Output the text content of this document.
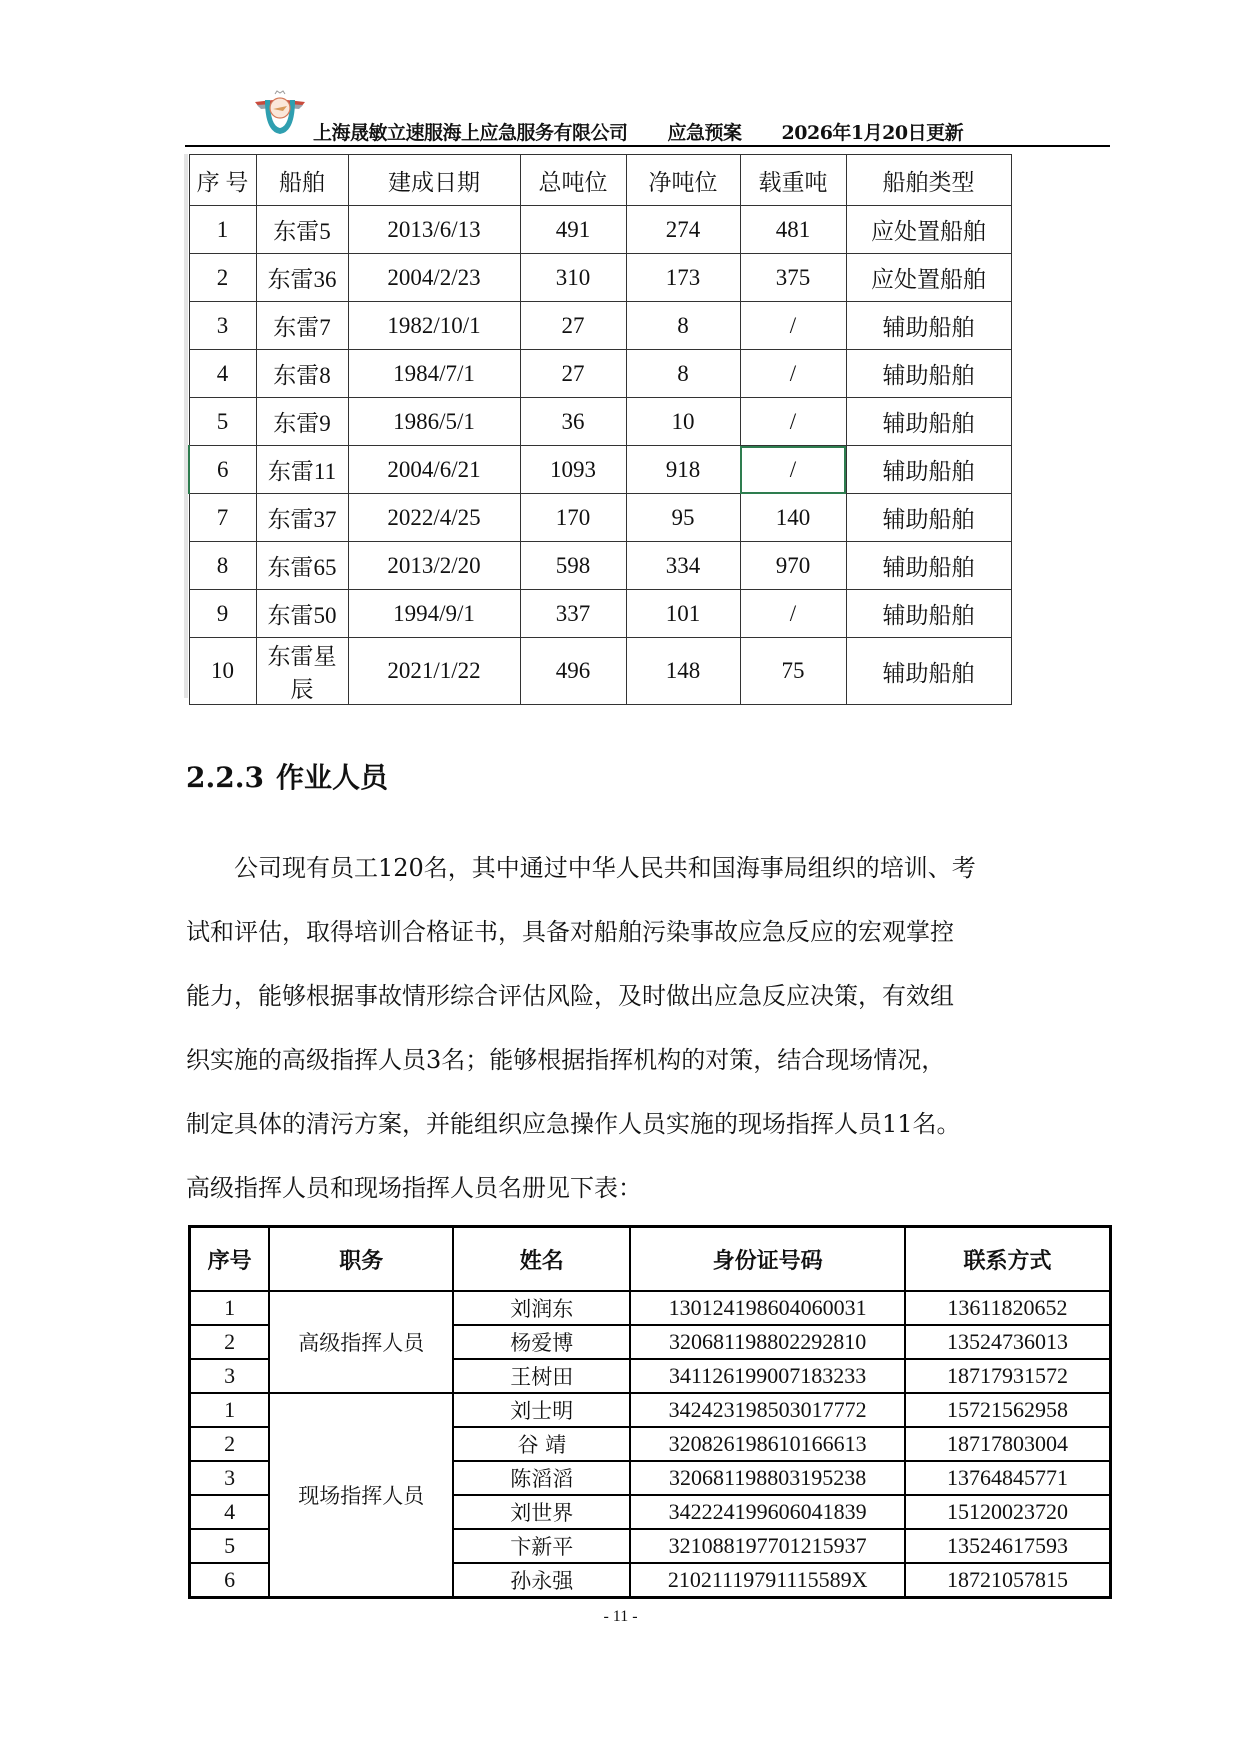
上海晟敏立速服海上应急服务有限公司 应急预案 2026年1月20日更新
序 号	船舶	建成日期	总吨位	净吨位	载重吨	船舶类型
1	东雷5	2013/6/13	491	274	481	应处置船舶
2	东雷36	2004/2/23	310	173	375	应处置船舶
3	东雷7	1982/10/1	27	8	/	辅助船舶
4	东雷8	1984/7/1	27	8	/	辅助船舶
5	东雷9	1986/5/1	36	10	/	辅助船舶
6	东雷11	2004/6/21	1093	918	/	辅助船舶
7	东雷37	2022/4/25	170	95	140	辅助船舶
8	东雷65	2013/2/20	598	334	970	辅助船舶
9	东雷50	1994/9/1	337	101	/	辅助船舶
10	东雷星辰	2021/1/22	496	148	75	辅助船舶
2.2.3 作业人员
公司现有员工120名，其中通过中华人民共和国海事局组织的培训、考
试和评估，取得培训合格证书，具备对船舶污染事故应急反应的宏观掌控
能力，能够根据事故情形综合评估风险，及时做出应急反应决策，有效组
织实施的高级指挥人员3名；能够根据指挥机构的对策，结合现场情况，
制定具体的清污方案，并能组织应急操作人员实施的现场指挥人员11名。
高级指挥人员和现场指挥人员名册见下表：
序号	职务	姓名	身份证号码	联系方式
1	高级指挥人员	刘润东	130124198604060031	13611820652
2		杨爱博	320681198802292810	13524736013
3		王树田	341126199007183233	18717931572
1	现场指挥人员	刘士明	342423198503017772	15721562958
2		谷 靖	320826198610166613	18717803004
3		陈滔滔	320681198803195238	13764845771
4		刘世界	342224199606041839	15120023720
5		卞新平	321088197701215937	13524617593
6		孙永强	21021119791115589X	18721057815
- 11 -
